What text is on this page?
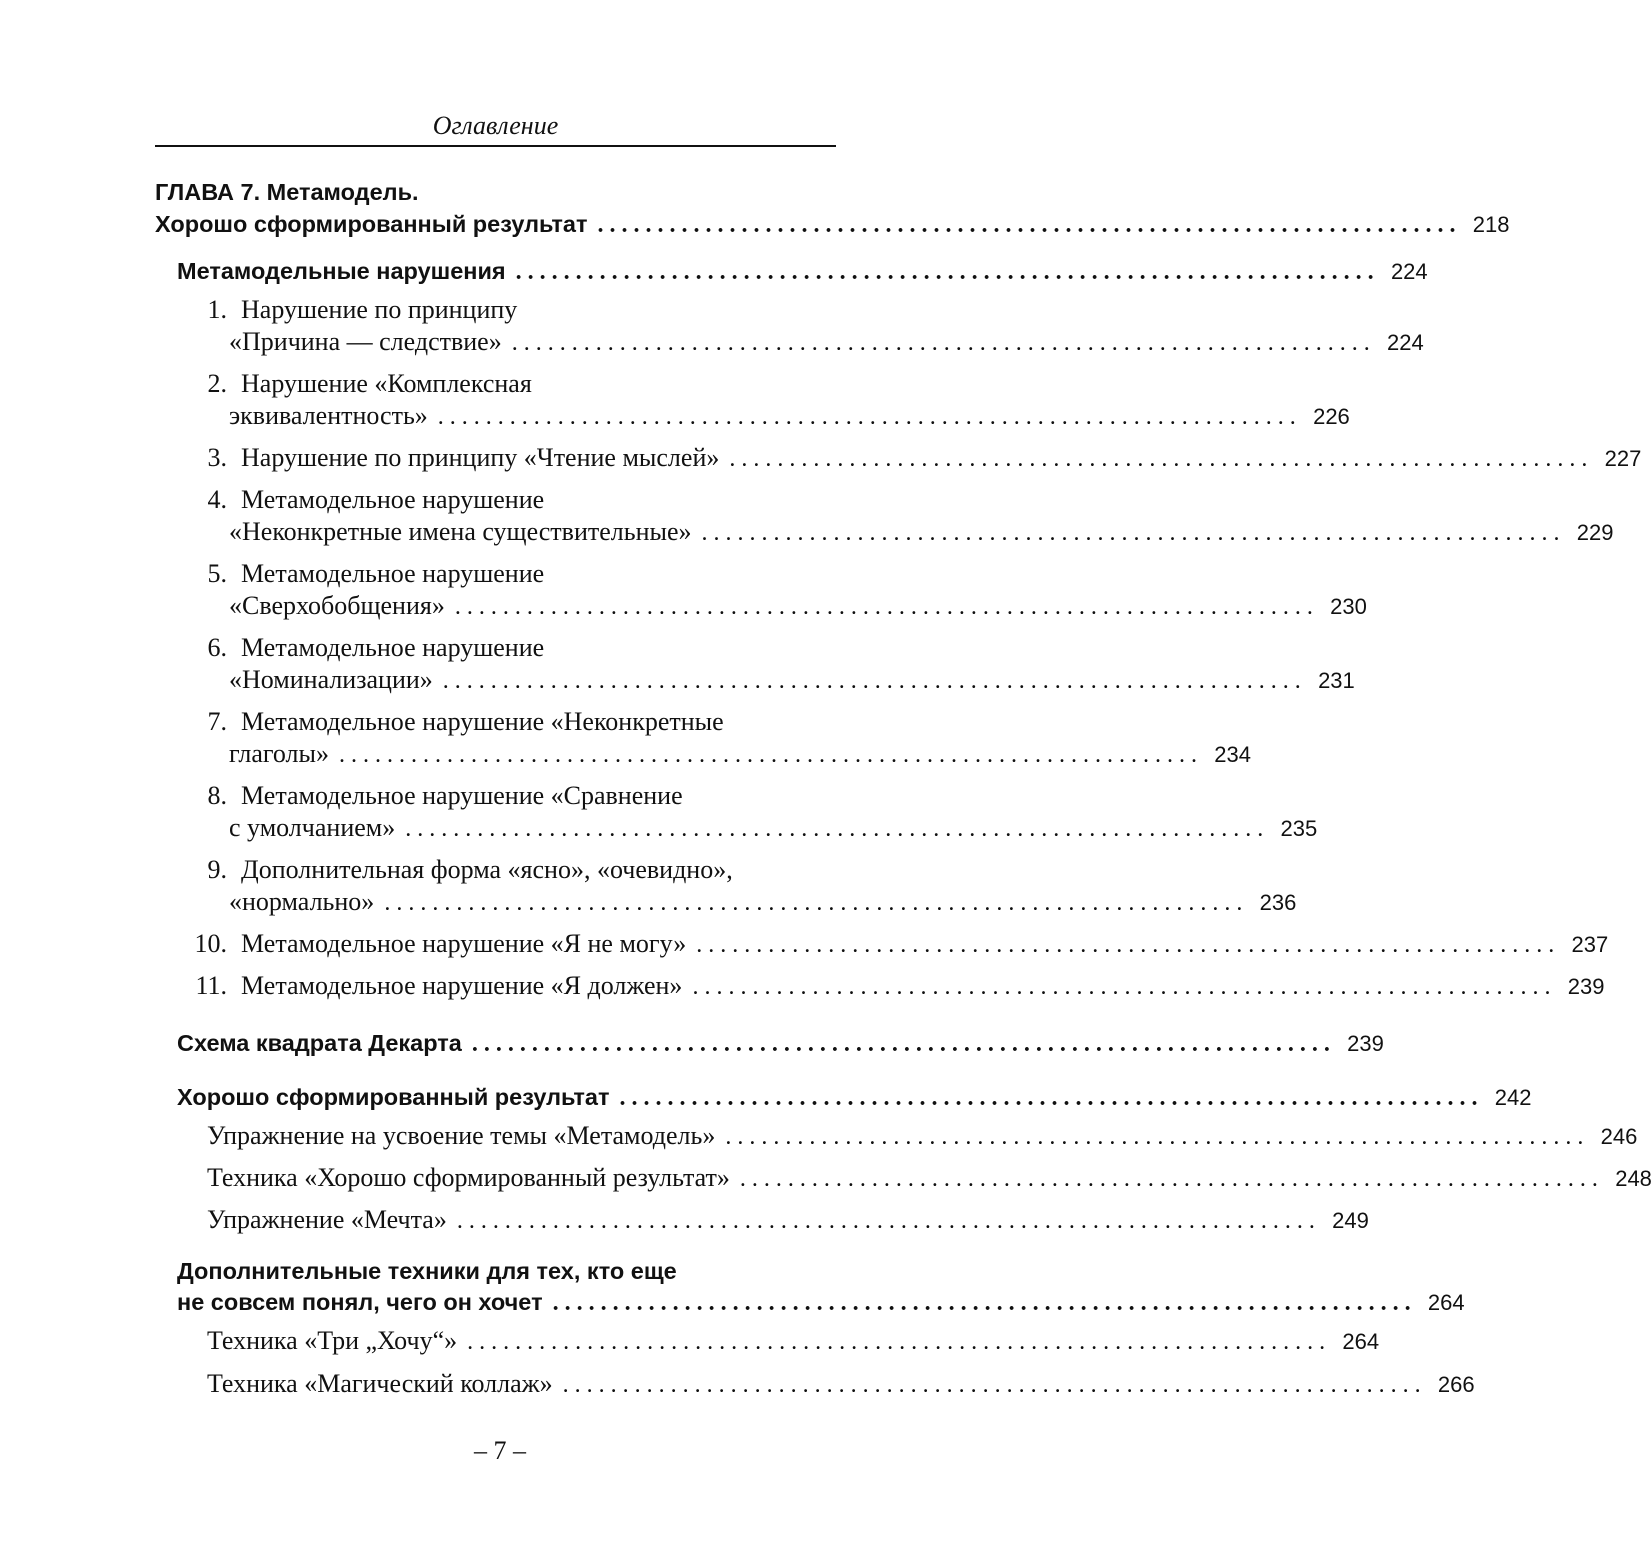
Оглавление
ГЛАВА 7. Метамодель.
Хорошо сформированный результат ........................................................................ 218
Метамодельные нарушения ........................................................................ 224
1. Нарушение по принципу
«Причина — следствие» ........................................................................ 224
2. Нарушение «Комплексная
эквивалентность» ........................................................................ 226
3. Нарушение по принципу «Чтение мыслей» ........................................................................ 227
4. Метамодельное нарушение
«Неконкретные имена существительные» ........................................................................ 229
5. Метамодельное нарушение
«Сверхобобщения» ........................................................................ 230
6. Метамодельное нарушение
«Номинализации» ........................................................................ 231
7. Метамодельное нарушение «Неконкретные
глаголы» ........................................................................ 234
8. Метамодельное нарушение «Сравнение
с умолчанием» ........................................................................ 235
9. Дополнительная форма «ясно», «очевидно»,
«нормально» ........................................................................ 236
10. Метамодельное нарушение «Я не могу» ........................................................................ 237
11. Метамодельное нарушение «Я должен» ........................................................................ 239
Схема квадрата Декарта ........................................................................ 239
Хорошо сформированный результат ........................................................................ 242
Упражнение на усвоение темы «Метамодель» ........................................................................ 246
Техника «Хорошо сформированный результат» ........................................................................ 248
Упражнение «Мечта» ........................................................................ 249
Дополнительные техники для тех, кто еще
не совсем понял, чего он хочет ........................................................................ 264
Техника «Три „Хочу“» ........................................................................ 264
Техника «Магический коллаж» ........................................................................ 266
– 7 –
